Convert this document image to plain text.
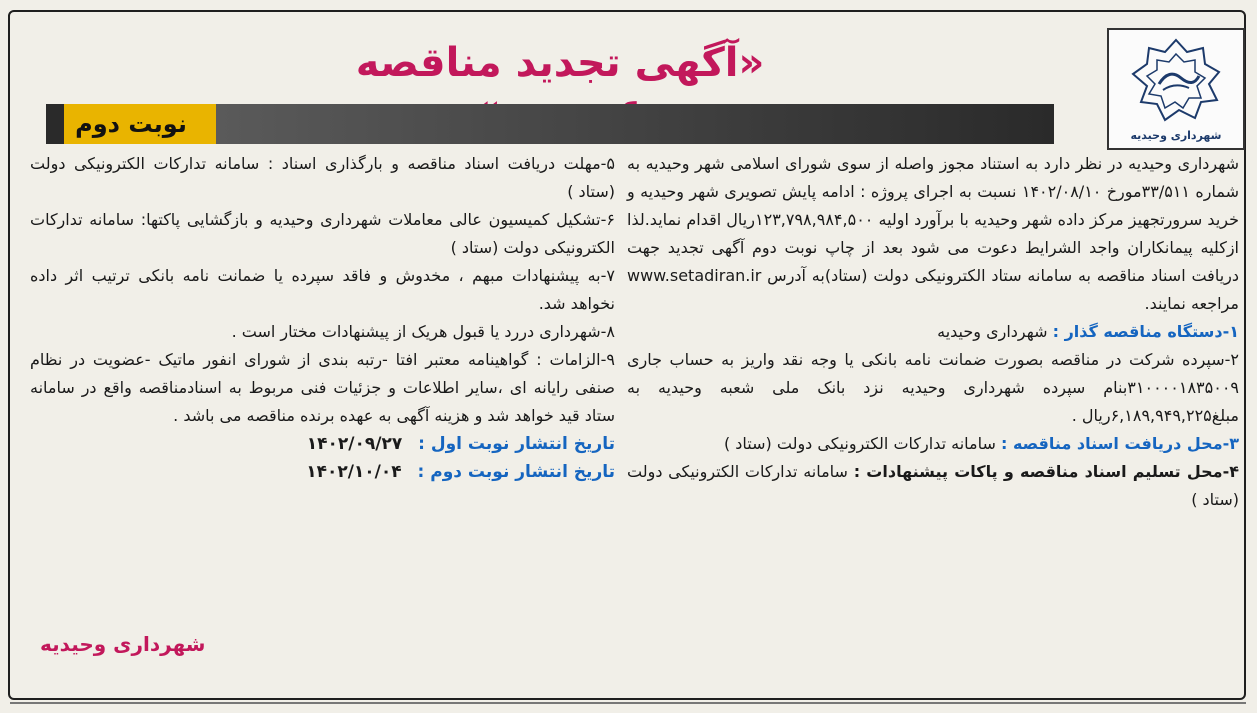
«آگهی تجدید مناقصه
شهرداری وحیدیه
نوبت دوم

شهرداری وحیدیه در نظر دارد به استناد مجوز واصله از سوی شورای اسلامی شهر وحیدیه به شماره ۳۳/۵۱۱مورخ ۱۴۰۲/۰۸/۱۰ نسبت به اجرای پروژه : ادامه پایش تصویری شهر وحیدیه و خرید سرورتجهیز مرکز داده شهر وحیدیه با برآورد اولیه ۱۲۳,۷۹۸,۹۸۴,۵۰۰ریال اقدام نماید.لذا ازکلیه پیمانکاران واجد الشرایط دعوت می شود بعد از چاپ نوبت دوم آگهی تجدید جهت دریافت اسناد مناقصه به سامانه ستاد الکترونیکی دولت (ستاد)به آدرس www.setadiran.ir مراجعه نمایند.

۱-دستگاه مناقصه گذار : شهرداری وحیدیه

۲-سپرده شرکت در مناقصه بصورت ضمانت نامه بانکی یا وجه نقد واریز به حساب جاری ۳۱۰۰۰۰۱۸۳۵۰۰۹بنام سپرده شهرداری وحیدیه نزد بانک ملی شعبه وحیدیه به مبلغ۶,۱۸۹,۹۴۹,۲۲۵ریال .

۳-محل دریافت اسناد مناقصه : سامانه تدارکات الکترونیکی دولت (ستاد )

۴-محل تسلیم اسناد مناقصه و پاکات پیشنهادات : سامانه تدارکات الکترونیکی دولت (ستاد )

۵-مهلت دریافت اسناد مناقصه و بارگذاری اسناد : سامانه تدارکات الکترونیکی دولت (ستاد )

۶-تشکیل کمیسیون عالی معاملات شهرداری وحیدیه و بازگشایی پاکتها: سامانه تدارکات الکترونیکی دولت (ستاد )

۷-به پیشنهادات مبهم ، مخدوش و فاقد سپرده یا ضمانت نامه بانکی ترتیب اثر داده نخواهد شد.

۸-شهرداری دررد یا قبول هریک از پیشنهادات مختار است .

۹-الزامات : گواهینامه معتبر افتا -رتبه بندی از شورای انفور ماتیک -عضویت در نظام صنفی رایانه ای ،سایر اطلاعات و جزئیات فنی مربوط به اسنادمناقصه واقع در سامانه ستاد قید خواهد شد و هزینه آگهی به عهده برنده مناقصه می باشد .

تاریخ انتشار نوبت اول : ۱۴۰۲/۰۹/۲۷

تاریخ انتشار نوبت دوم : ۱۴۰۲/۱۰/۰۴

شهرداری وحیدیه
